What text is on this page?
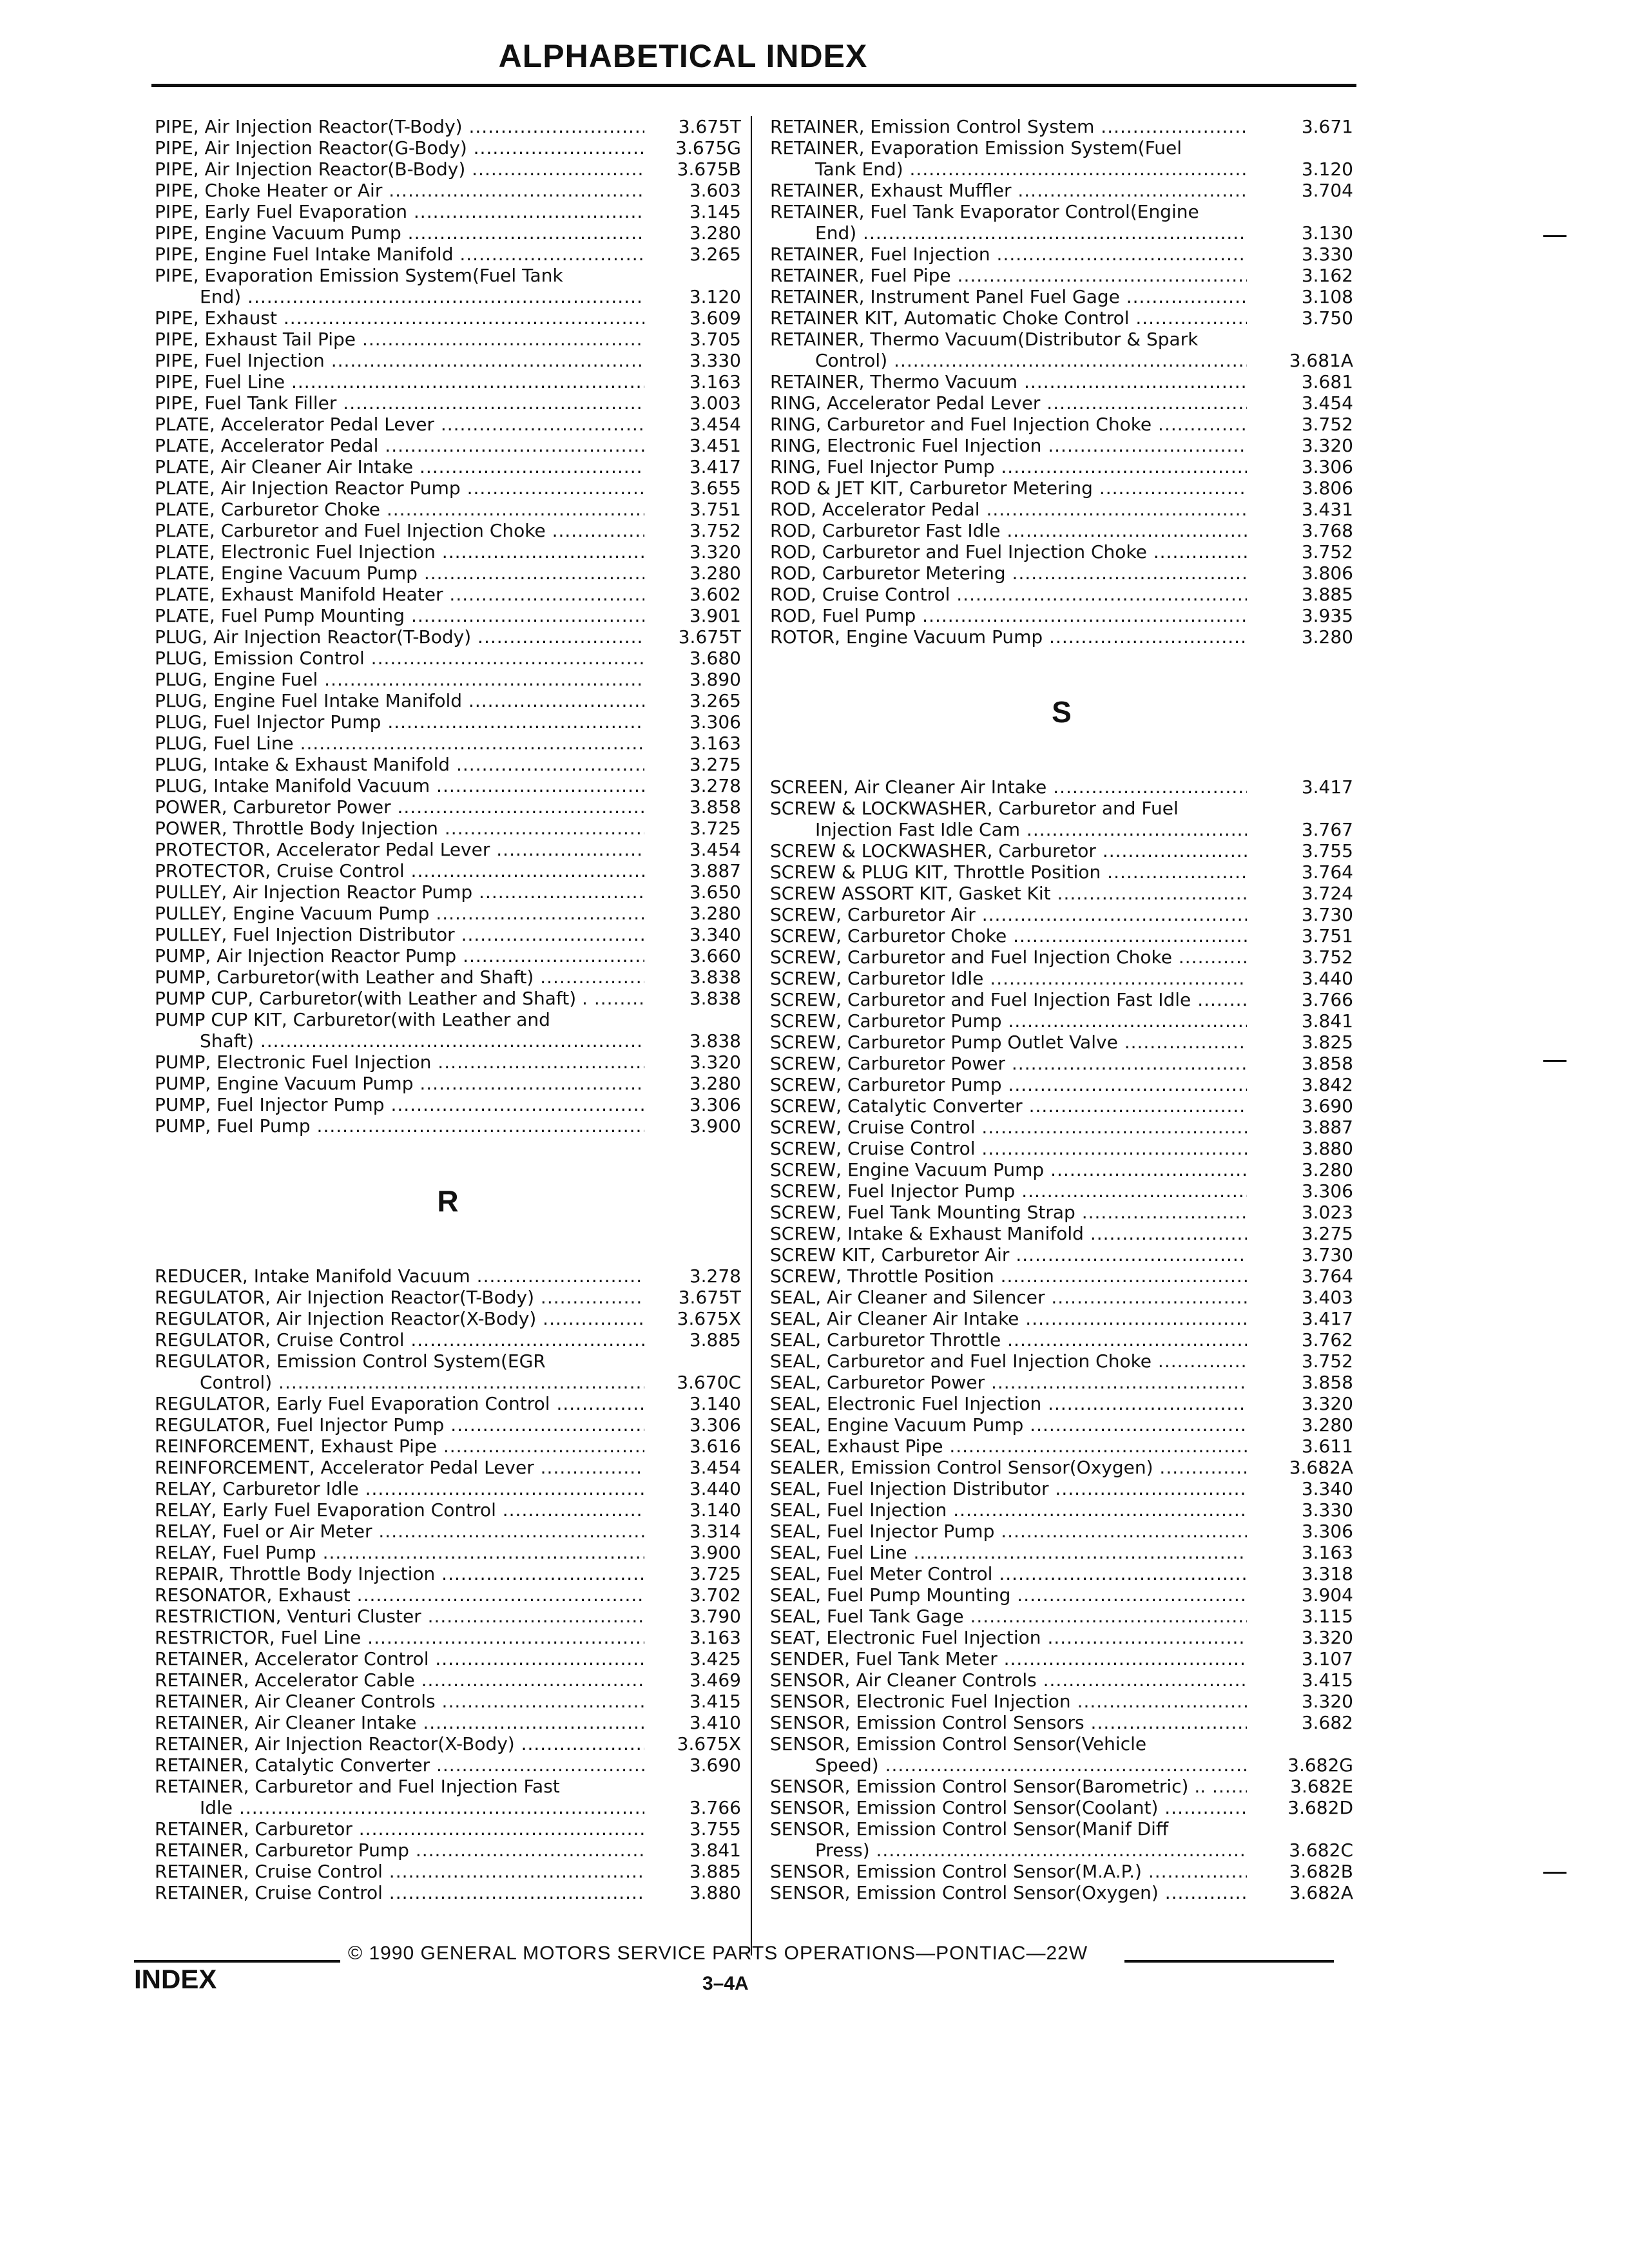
ALPHABETICAL INDEX
PIPE, Air Injection Reactor(T-Body) .....	3.675T
PIPE, Air Injection Reactor(G-Body) .....	3.675G
PIPE, Air Injection Reactor(B-Body) .....	3.675B
PIPE, Choke Heater or Air .....	3.603
PIPE, Early Fuel Evaporation .....	3.145
PIPE, Engine Vacuum Pump .....	3.280
PIPE, Engine Fuel Intake Manifold .....	3.265
PIPE, Evaporation Emission System(Fuel Tank
End) .....	3.120
PIPE, Exhaust .....	3.609
PIPE, Exhaust Tail Pipe .....	3.705
PIPE, Fuel Injection .....	3.330
PIPE, Fuel Line .....	3.163
PIPE, Fuel Tank Filler .....	3.003
PLATE, Accelerator Pedal Lever .....	3.454
PLATE, Accelerator Pedal .....	3.451
PLATE, Air Cleaner Air Intake .....	3.417
PLATE, Air Injection Reactor Pump .....	3.655
PLATE, Carburetor Choke .....	3.751
PLATE, Carburetor and Fuel Injection Choke .....	3.752
PLATE, Electronic Fuel Injection .....	3.320
PLATE, Engine Vacuum Pump .....	3.280
PLATE, Exhaust Manifold Heater .....	3.602
PLATE, Fuel Pump Mounting .....	3.901
PLUG, Air Injection Reactor(T-Body) .....	3.675T
PLUG, Emission Control .....	3.680
PLUG, Engine Fuel .....	3.890
PLUG, Engine Fuel Intake Manifold .....	3.265
PLUG, Fuel Injector Pump .....	3.306
PLUG, Fuel Line .....	3.163
PLUG, Intake & Exhaust Manifold .....	3.275
PLUG, Intake Manifold Vacuum .....	3.278
POWER, Carburetor Power .....	3.858
POWER, Throttle Body Injection .....	3.725
PROTECTOR, Accelerator Pedal Lever .....	3.454
PROTECTOR, Cruise Control .....	3.887
PULLEY, Air Injection Reactor Pump .....	3.650
PULLEY, Engine Vacuum Pump .....	3.280
PULLEY, Fuel Injection Distributor .....	3.340
PUMP, Air Injection Reactor Pump .....	3.660
PUMP, Carburetor(with Leather and Shaft) .....	3.838
PUMP CUP, Carburetor(with Leather and Shaft) . .....	3.838
PUMP CUP KIT, Carburetor(with Leather and
Shaft) .....	3.838
PUMP, Electronic Fuel Injection .....	3.320
PUMP, Engine Vacuum Pump .....	3.280
PUMP, Fuel Injector Pump .....	3.306
PUMP, Fuel Pump .....	3.900
R
REDUCER, Intake Manifold Vacuum .....	3.278
REGULATOR, Air Injection Reactor(T-Body) .....	3.675T
REGULATOR, Air Injection Reactor(X-Body) .....	3.675X
REGULATOR, Cruise Control .....	3.885
REGULATOR, Emission Control System(EGR
Control) .....	3.670C
REGULATOR, Early Fuel Evaporation Control .....	3.140
REGULATOR, Fuel Injector Pump .....	3.306
REINFORCEMENT, Exhaust Pipe .....	3.616
REINFORCEMENT, Accelerator Pedal Lever .....	3.454
RELAY, Carburetor Idle .....	3.440
RELAY, Early Fuel Evaporation Control .....	3.140
RELAY, Fuel or Air Meter .....	3.314
RELAY, Fuel Pump .....	3.900
REPAIR, Throttle Body Injection .....	3.725
RESONATOR, Exhaust .....	3.702
RESTRICTION, Venturi Cluster .....	3.790
RESTRICTOR, Fuel Line .....	3.163
RETAINER, Accelerator Control .....	3.425
RETAINER, Accelerator Cable .....	3.469
RETAINER, Air Cleaner Controls .....	3.415
RETAINER, Air Cleaner Intake .....	3.410
RETAINER, Air Injection Reactor(X-Body) .....	3.675X
RETAINER, Catalytic Converter .....	3.690
RETAINER, Carburetor and Fuel Injection Fast
Idle .....	3.766
RETAINER, Carburetor .....	3.755
RETAINER, Carburetor Pump .....	3.841
RETAINER, Cruise Control .....	3.885
RETAINER, Cruise Control .....	3.880
RETAINER, Emission Control System .....	3.671
RETAINER, Evaporation Emission System(Fuel
Tank End) .....	3.120
RETAINER, Exhaust Muffler .....	3.704
RETAINER, Fuel Tank Evaporator Control(Engine
End) .....	3.130
RETAINER, Fuel Injection .....	3.330
RETAINER, Fuel Pipe .....	3.162
RETAINER, Instrument Panel Fuel Gage .....	3.108
RETAINER KIT, Automatic Choke Control .....	3.750
RETAINER, Thermo Vacuum(Distributor & Spark
Control) .....	3.681A
RETAINER, Thermo Vacuum .....	3.681
RING, Accelerator Pedal Lever .....	3.454
RING, Carburetor and Fuel Injection Choke .....	3.752
RING, Electronic Fuel Injection .....	3.320
RING, Fuel Injector Pump .....	3.306
ROD & JET KIT, Carburetor Metering .....	3.806
ROD, Accelerator Pedal .....	3.431
ROD, Carburetor Fast Idle .....	3.768
ROD, Carburetor and Fuel Injection Choke .....	3.752
ROD, Carburetor Metering .....	3.806
ROD, Cruise Control .....	3.885
ROD, Fuel Pump .....	3.935
ROTOR, Engine Vacuum Pump .....	3.280
S
SCREEN, Air Cleaner Air Intake .....	3.417
SCREW & LOCKWASHER, Carburetor and Fuel
Injection Fast Idle Cam .....	3.767
SCREW & LOCKWASHER, Carburetor .....	3.755
SCREW & PLUG KIT, Throttle Position .....	3.764
SCREW ASSORT KIT, Gasket Kit .....	3.724
SCREW, Carburetor Air .....	3.730
SCREW, Carburetor Choke .....	3.751
SCREW, Carburetor and Fuel Injection Choke .....	3.752
SCREW, Carburetor Idle .....	3.440
SCREW, Carburetor and Fuel Injection Fast Idle .....	3.766
SCREW, Carburetor Pump .....	3.841
SCREW, Carburetor Pump Outlet Valve .....	3.825
SCREW, Carburetor Power .....	3.858
SCREW, Carburetor Pump .....	3.842
SCREW, Catalytic Converter .....	3.690
SCREW, Cruise Control .....	3.887
SCREW, Cruise Control .....	3.880
SCREW, Engine Vacuum Pump .....	3.280
SCREW, Fuel Injector Pump .....	3.306
SCREW, Fuel Tank Mounting Strap .....	3.023
SCREW, Intake & Exhaust Manifold .....	3.275
SCREW KIT, Carburetor Air .....	3.730
SCREW, Throttle Position .....	3.764
SEAL, Air Cleaner and Silencer .....	3.403
SEAL, Air Cleaner Air Intake .....	3.417
SEAL, Carburetor Throttle .....	3.762
SEAL, Carburetor and Fuel Injection Choke .....	3.752
SEAL, Carburetor Power .....	3.858
SEAL, Electronic Fuel Injection .....	3.320
SEAL, Engine Vacuum Pump .....	3.280
SEAL, Exhaust Pipe .....	3.611
SEALER, Emission Control Sensor(Oxygen) .....	3.682A
SEAL, Fuel Injection Distributor .....	3.340
SEAL, Fuel Injection .....	3.330
SEAL, Fuel Injector Pump .....	3.306
SEAL, Fuel Line .....	3.163
SEAL, Fuel Meter Control .....	3.318
SEAL, Fuel Pump Mounting .....	3.904
SEAL, Fuel Tank Gage .....	3.115
SEAT, Electronic Fuel Injection .....	3.320
SENDER, Fuel Tank Meter .....	3.107
SENSOR, Air Cleaner Controls .....	3.415
SENSOR, Electronic Fuel Injection .....	3.320
SENSOR, Emission Control Sensors .....	3.682
SENSOR, Emission Control Sensor(Vehicle
Speed) .....	3.682G
SENSOR, Emission Control Sensor(Barometric) .. .....	3.682E
SENSOR, Emission Control Sensor(Coolant) .....	3.682D
SENSOR, Emission Control Sensor(Manif Diff
Press) .....	3.682C
SENSOR, Emission Control Sensor(M.A.P.) .....	3.682B
SENSOR, Emission Control Sensor(Oxygen) .....	3.682A
© 1990 GENERAL MOTORS SERVICE PARTS OPERATIONS—PONTIAC—22W
INDEX	3–4A
